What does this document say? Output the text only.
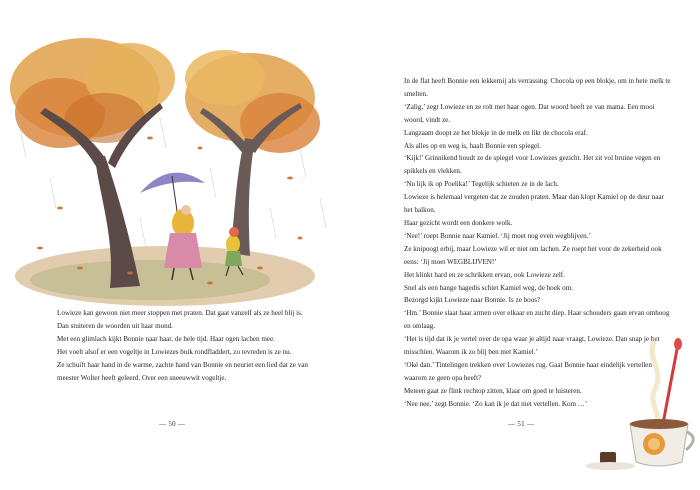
Lowieze kan gewoon niet meer stoppen met praten. Dat gaat vanzelf als ze heel blij is. Dan stuiteren de woorden uit haar mond.

Met een glimlach kijkt Bonnie naar haar, de hele tijd. Haar ogen lachen mee.

Het voelt alsof er een vogeltje in Lowiezes buik rondfladdert, zo tevreden is ze nu.

Ze schuift haar hand in de warme, zachte hand van Bonnie en neuriet een lied dat ze van meester Wolter heeft geleerd. Over een sneeuwwit vogeltje.

— 50 —

In de flat heeft Bonnie een lekkernij als verrassing. Chocola op een blokje, om in hete melk te smelten.

‘Zalig,’ zegt Lowieze en ze rolt met haar ogen. Dat woord heeft ze van mama. Een mooi woord, vindt ze.

Langzaam doopt ze het blokje in de melk en likt de chocola eraf.

Als alles op en weg is, haalt Bonnie een spiegel.

‘Kijk!’ Grinnikend houdt ze de spiegel voor Lowiezes gezicht. Het zit vol bruine vegen en spikkels en vlekken.

‘Nu lijk ik op Poelika!’ Tegelijk schieten ze in de lach.

Lowieze is helemaal vergeten dat ze zouden praten. Maar dan klopt Kamiel op de deur naar het balkon.

Haar gezicht wordt een donkere wolk.

‘Nee!’ roept Bonnie naar Kamiel. ‘Jij moet nog even wegblijven.’

Ze knipoogt erbij, maar Lowieze wil er niet om lachen. Ze roept het voor de zekerheid ook eens: ‘Jij moet WEGBLIJVEN!’

Het klinkt hard en ze schrikken ervan, ook Lowieze zelf.

Snel als een bange hagedis schiet Kamiel weg, de hoek om.

Bezorgd kijkt Lowieze naar Bonnie. Is ze boos?

‘Hm.’ Bonnie slaat haar armen over elkaar en zucht diep. Haar schouders gaan ervan omhoog en omlaag.

‘Het is tijd dat ik je vertel over de opa waar je altijd naar vraagt, Lowieze. Dan snap je het misschien. Waarom ik zo blij ben met Kamiel.’

‘Oké dan.’ Tintelingen trekken over Lowiezes rug. Gaat Bonnie haar eindelijk vertellen waarom ze geen opa heeft?

Meteen gaat ze flink rechtop zitten, klaar om goed te luisteren.

‘Nee nee,’ zegt Bonnie. ‘Zo kan ik je dat niet vertellen. Kom …’

— 51 —
